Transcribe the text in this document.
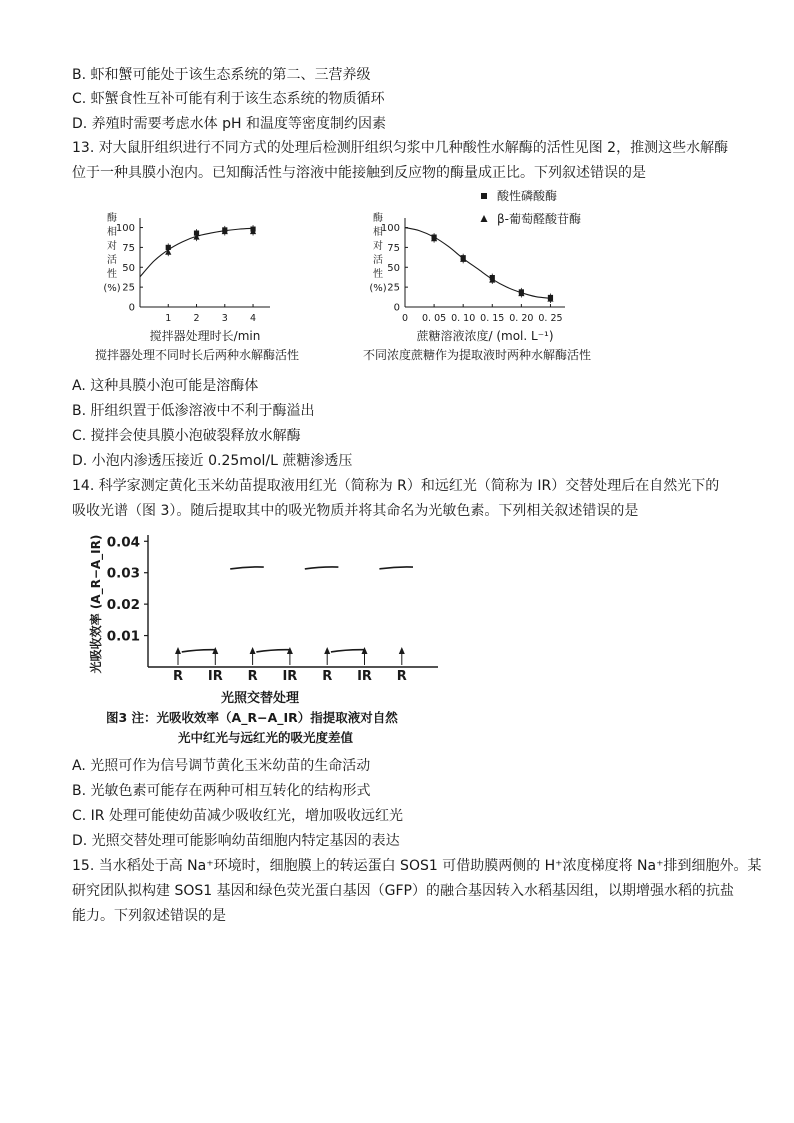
B. 虾和蟹可能处于该生态系统的第二、三营养级
C. 虾蟹食性互补可能有利于该生态系统的物质循环
D. 养殖时需要考虑水体 pH 和温度等密度制约因素
13. 对大鼠肝组织进行不同方式的处理后检测肝组织匀浆中几种酸性水解酶的活性见图 2，推测这些水解酶
位于一种具膜小泡内。已知酶活性与溶液中能接触到反应物的酶量成正比。下列叙述错误的是
0
25
50
75
100
1 2 3 4
酶
相
对
活
性
(%)
搅拌器处理时长/min
搅拌器处理不同时长后两种水解酶活性
0
25
50
75
100
0 0. 05 0. 10 0. 15 0. 20 0. 25
酶
相
对
活
性
(%)
蔗糖溶液浓度/ (mol. L⁻¹)
不同浓度蔗糖作为提取液时两种水解酶活性
酸性磷酸酶
β-葡萄醛酸苷酶
A. 这种具膜小泡可能是溶酶体
B. 肝组织置于低渗溶液中不利于酶溢出
C. 搅拌会使具膜小泡破裂释放水解酶
D. 小泡内渗透压接近 0.25mol/L 蔗糖渗透压
14. 科学家测定黄化玉米幼苗提取液用红光（简称为 R）和远红光（简称为 IR）交替处理后在自然光下的
吸收光谱（图 3）。随后提取其中的吸光物质并将其命名为光敏色素。下列相关叙述错误的是
0.01
0.02
0.03
0.04
光吸收效率 (A_R−A_IR)
R IR R IR R IR R
光照交替处理
图3 注：光吸收效率（A_R−A_IR）指提取液对自然
光中红光与远红光的吸光度差值
A. 光照可作为信号调节黄化玉米幼苗的生命活动
B. 光敏色素可能存在两种可相互转化的结构形式
C. IR 处理可能使幼苗减少吸收红光，增加吸收远红光
D. 光照交替处理可能影响幼苗细胞内特定基因的表达
15. 当水稻处于高 Na⁺环境时，细胞膜上的转运蛋白 SOS1 可借助膜两侧的 H⁺浓度梯度将 Na⁺排到细胞外。某
研究团队拟构建 SOS1 基因和绿色荧光蛋白基因（GFP）的融合基因转入水稻基因组，以期增强水稻的抗盐
能力。下列叙述错误的是
